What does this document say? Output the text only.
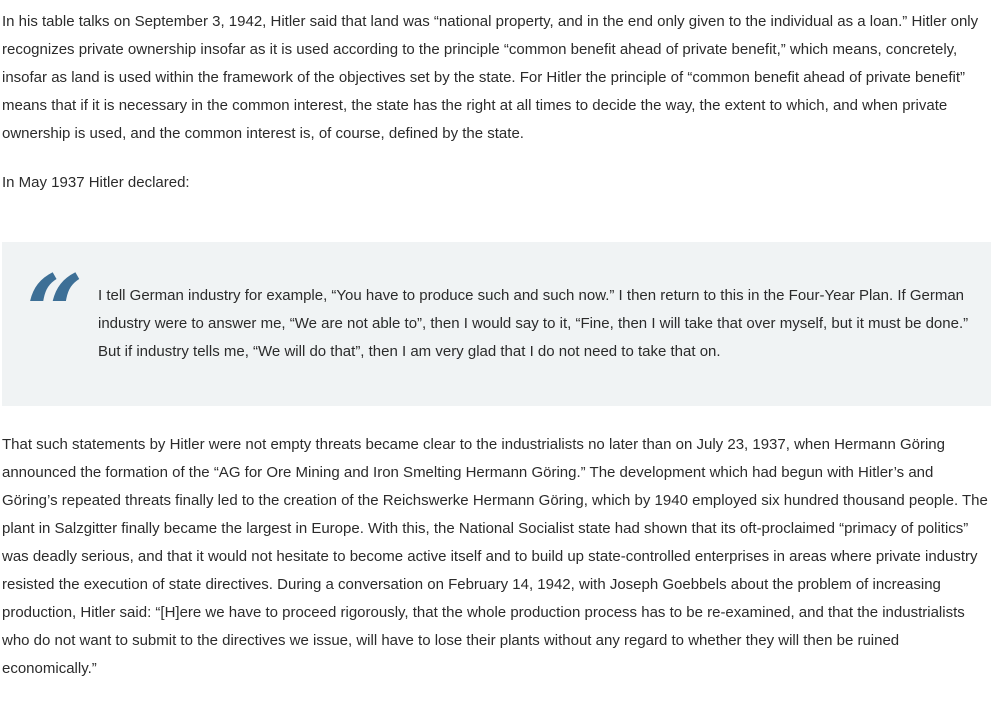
In his table talks on September 3, 1942, Hitler said that land was “national property, and in the end only given to the individual as a loan.” Hitler only recognizes private ownership insofar as it is used according to the principle “common benefit ahead of private benefit,” which means, concretely, insofar as land is used within the framework of the objectives set by the state. For Hitler the principle of “common benefit ahead of private benefit” means that if it is necessary in the common interest, the state has the right at all times to decide the way, the extent to which, and when private ownership is used, and the common interest is, of course, defined by the state.

In May 1937 Hitler declared:

“ I tell German industry for example, “You have to produce such and such now.” I then return to this in the Four-Year Plan. If German industry were to answer me, “We are not able to”, then I would say to it, “Fine, then I will take that over myself, but it must be done.” But if industry tells me, “We will do that”, then I am very glad that I do not need to take that on.

That such statements by Hitler were not empty threats became clear to the industrialists no later than on July 23, 1937, when Hermann Göring announced the formation of the “AG for Ore Mining and Iron Smelting Hermann Göring.” The development which had begun with Hitler’s and Göring’s repeated threats finally led to the creation of the Reichswerke Hermann Göring, which by 1940 employed six hundred thousand people. The plant in Salzgitter finally became the largest in Europe. With this, the National Socialist state had shown that its oft-proclaimed “primacy of politics” was deadly serious, and that it would not hesitate to become active itself and to build up state-controlled enterprises in areas where private industry resisted the execution of state directives. During a conversation on February 14, 1942, with Joseph Goebbels about the problem of increasing production, Hitler said: “[H]ere we have to proceed rigorously, that the whole production process has to be re-examined, and that the industrialists who do not want to submit to the directives we issue, will have to lose their plants without any regard to whether they will then be ruined economically.”
